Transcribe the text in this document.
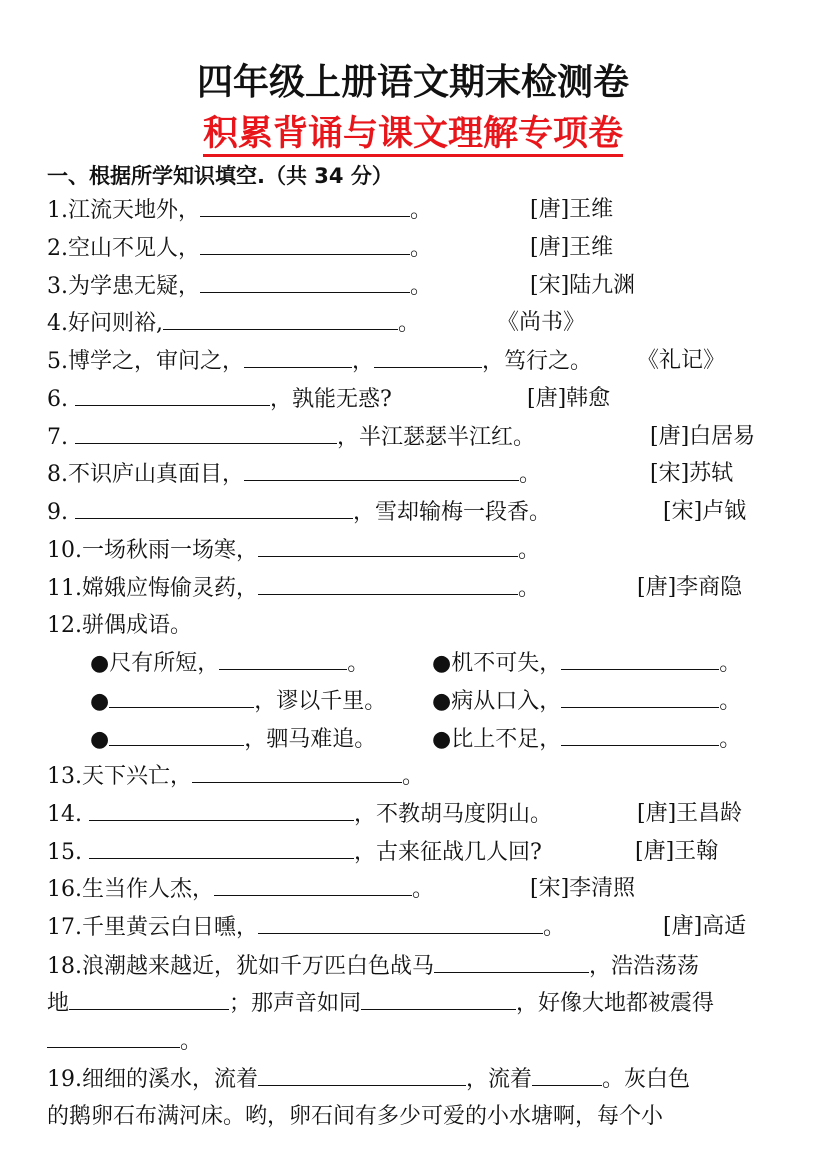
四年级上册语文期末检测卷
积累背诵与课文理解专项卷
一、根据所学知识填空.（共 34 分）
1.江流天地外，	。	[唐]王维
2.空山不见人，	。	[唐]王维
3.为学患无疑，	。	[宋]陆九渊
4.好问则裕,	。	《尚书》
5.博学之，审问之，	，	，笃行之。 《礼记》
6.	，孰能无惑?	[唐]韩愈
7.	，半江瑟瑟半江红。	[唐]白居易
8.不识庐山真面目，	。	[宋]苏轼
9.	，雪却输梅一段香。	[宋]卢钺
10.一场秋雨一场寒，	。
11.嫦娥应悔偷灵药，	。	[唐]李商隐
12.骈偶成语。
●尺有所短，	。	●机不可失，	。
●	，谬以千里。 ●病从口入，	。
●	，驷马难追。	●比上不足，	。
13.天下兴亡，	。
14.	，不教胡马度阴山。	[唐]王昌龄
15.	，古来征战几人回?	[唐]王翰
16.生当作人杰，	。	[宋]李清照
17.千里黄云白日曛，	。	[唐]高适
18.浪潮越来越近，犹如千万匹白色战马	，浩浩荡荡
地	；那声音如同	，好像大地都被震得
。
19.细细的溪水，流着	，流着	。灰白色
的鹅卵石布满河床。哟，卵石间有多少可爱的小水塘啊，每个小
